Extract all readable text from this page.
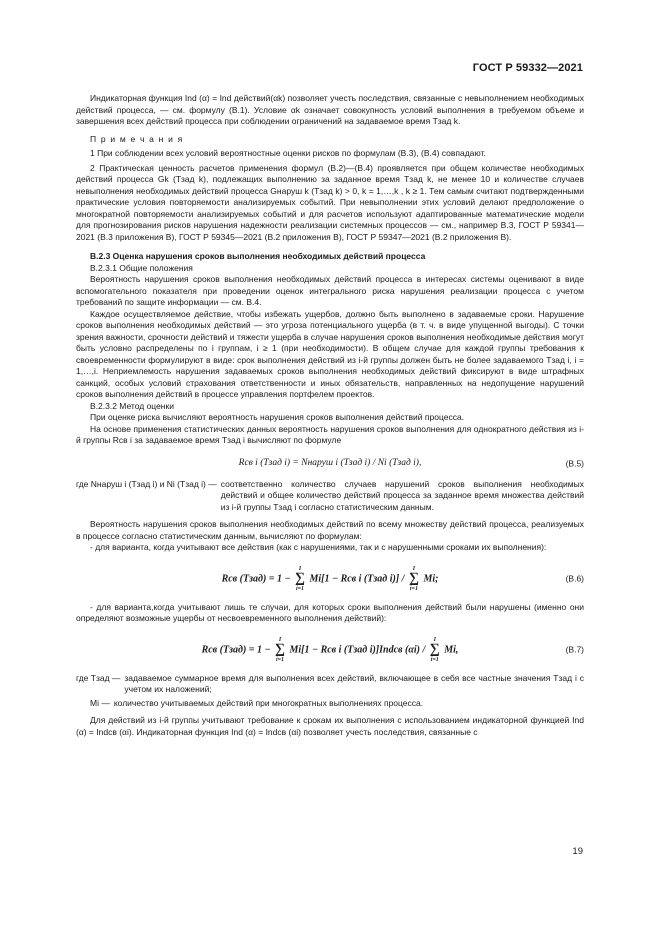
ГОСТ Р 59332—2021

Индикаторная функция Ind (α) = Ind действий(αk) позволяет учесть последствия, связанные с невыполнением необходимых действий процесса, — см. формулу (В.1). Условие αk означает совокупность условий выполнения в требуемом объеме и завершения всех действий процесса при соблюдении ограничений на задаваемое время Tзад k.

П р и м е ч а н и я

1 При соблюдении всех условий вероятностные оценки рисков по формулам (В.3), (В.4) совпадают.

2 Практическая ценность расчетов применения формул (В.2)—(В.4) проявляется при общем количестве необходимых действий процесса Gk (Tзад k), подлежащих выполнению за заданное время Tзад k, не менее 10 и количестве случаев невыполнения необходимых действий процесса Gнаруш k (Tзад k) > 0, k = 1,…,k , k ≥ 1. Тем самым считают подтвержденными практические условия повторяемости анализируемых событий. При невыполнении этих условий делают предположение о многократной повторяемости анализируемых событий и для расчетов используют адаптированные математические модели для прогнозирования рисков нарушения надежности реализации системных процессов — см., например В.3, ГОСТ Р 59341—2021 (В.3 приложения В), ГОСТ Р 59345—2021 (В.2 приложения В), ГОСТ Р 59347—2021 (В.2 приложения В).

В.2.3 Оценка нарушения сроков выполнения необходимых действий процесса

В.2.3.1 Общие положения

Вероятность нарушения сроков выполнения необходимых действий процесса в интересах системы оценивают в виде вспомогательного показателя при проведении оценок интегрального риска нарушения реализации процесса с учетом требований по защите информации — см. В.4.

Каждое осуществляемое действие, чтобы избежать ущербов, должно быть выполнено в задаваемые сроки. Нарушение сроков выполнения необходимых действий — это угроза потенциального ущерба (в т. ч. в виде упущенной выгоды). С точки зрения важности, срочности действий и тяжести ущерба в случае нарушения сроков выполнения необходимые действия могут быть условно распределены по i группам, i ≥ 1 (при необходимости). В общем случае для каждой группы требования к своевременности формулируют в виде: срок выполнения действий из i-й группы должен быть не более задаваемого Tзад i, i = 1,…,i. Неприемлемость нарушения задаваемых сроков выполнения необходимых действий фиксируют в виде штрафных санкций, особых условий страхования ответственности и иных обязательств, направленных на недопущение нарушений сроков выполнения действий в процессе управления портфелем проектов.

В.2.3.2 Метод оценки

При оценке риска вычисляют вероятность нарушения сроков выполнения действий процесса.

На основе применения статистических данных вероятность нарушения сроков выполнения для однократного действия из i-й группы Rсв i за задаваемое время Tзад i вычисляют по формуле

Rсв i (Tзад i) = Nнаруш i (Tзад i) / Ni (Tзад i),	(В.5)
где Nнаруш i (Tзад i) и Ni (Tзад i) — соответственно количество случаев нарушений сроков выполнения необходимых действий и общее количество действий процесса за заданное время множества действий из i-й группы Tзад i согласно статистическим данным.

Вероятность нарушения сроков выполнения необходимых действий по всему множеству действий процесса, реализуемых в процессе согласно статистическим данным, вычисляют по формулам:

- для варианта, когда учитывают все действия (как с нарушениями, так и с нарушенными сроками их выполнения):

Rсв (Tзад) = 1 −
I
∑
i=1
Mi[1 − Rсв i (Tзад i)] /
I
∑
i=1
Mi;	(В.6)

- для варианта,когда учитывают лишь те случаи, для которых сроки выполнения действий были нарушены (именно они определяют возможные ущербы от несвоевременного выполнения действий):

Rсв (Tзад) = 1 −
I
∑
i=1
Mi[1 − Rсв i (Tзад i)]Indсв (αi) /
I
∑
i=1
Mi,	(В.7)
где Tзад — задаваемое суммарное время для выполнения всех действий, включающее в себя все частные значения Tзад i с учетом их наложений;
Mi — количество учитываемых действий при многократных выполнениях процесса.

Для действий из i-й группы учитывают требование к срокам их выполнения с использованием индикаторной функцией Ind (α) = Indсв (αi). Индикаторная функция Ind (α) = Indсв (αi) позволяет учесть последствия, связанные с

19
